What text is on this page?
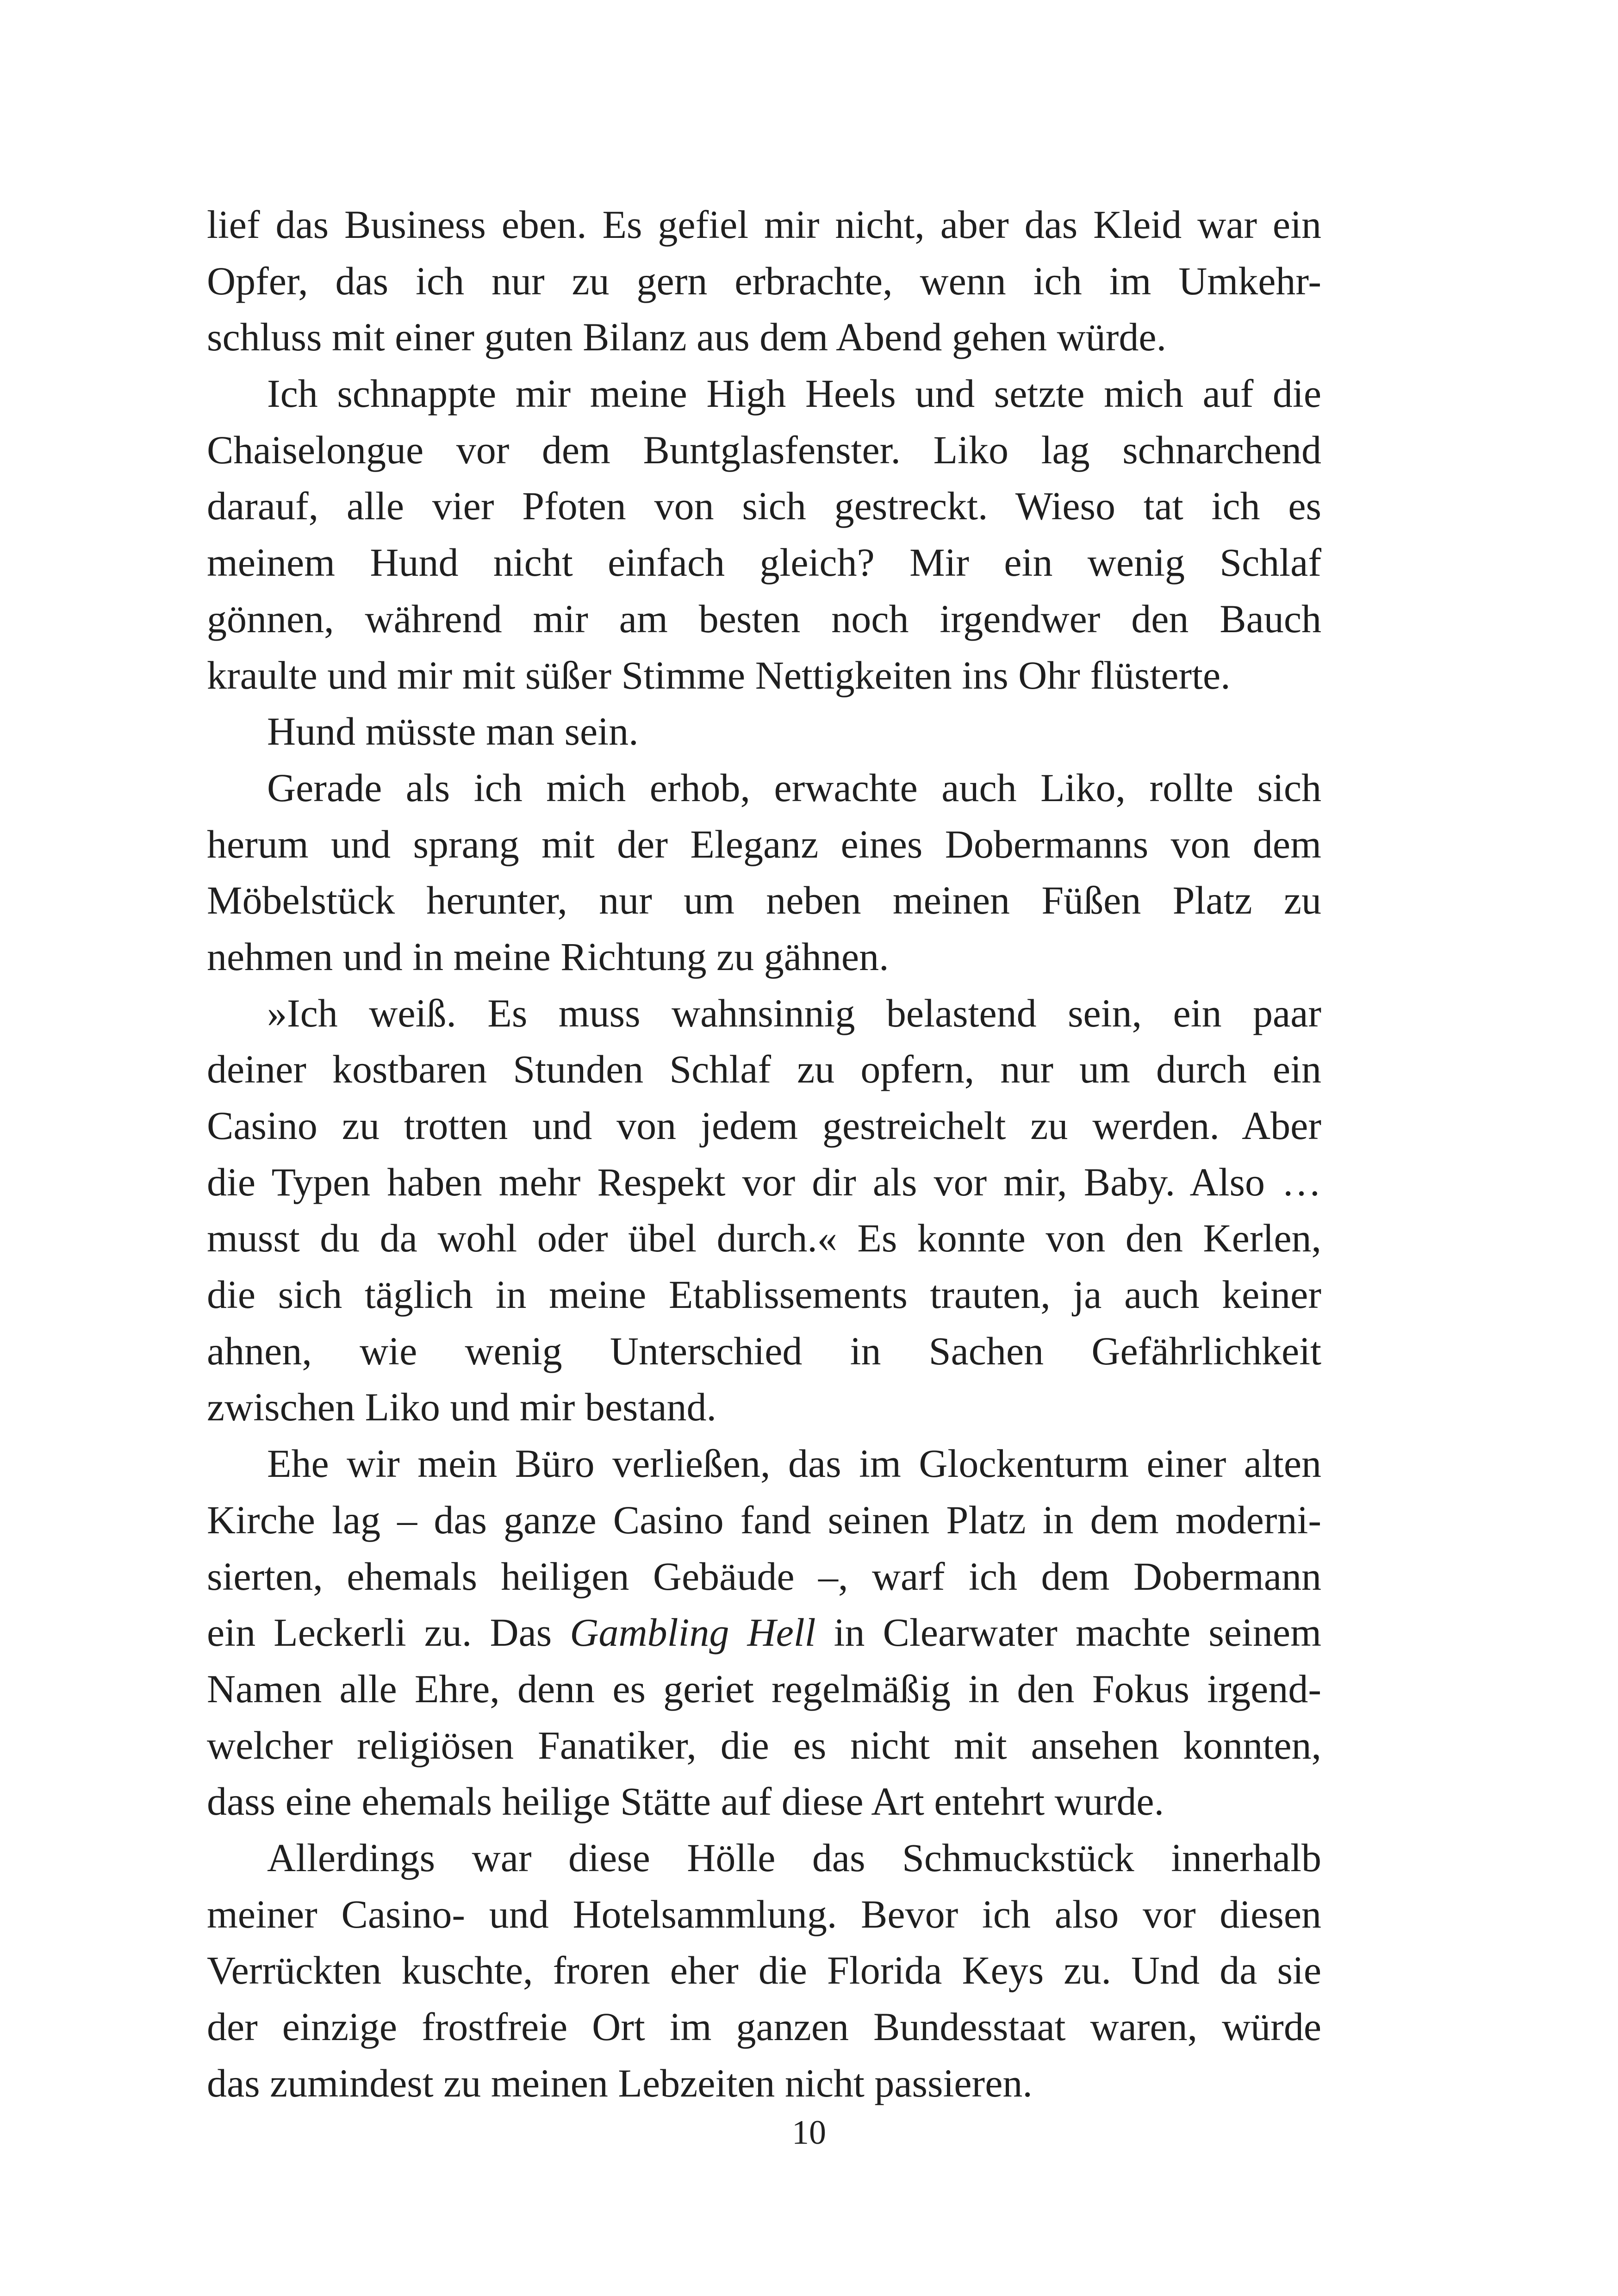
lief das Business eben. Es gefiel mir nicht, aber das Kleid war ein
Opfer, das ich nur zu gern erbrachte, wenn ich im Umkehr-
schluss mit einer guten Bilanz aus dem Abend gehen würde.
Ich schnappte mir meine High Heels und setzte mich auf die
Chaiselongue vor dem Buntglasfenster. Liko lag schnarchend
darauf, alle vier Pfoten von sich gestreckt. Wieso tat ich es
meinem Hund nicht einfach gleich? Mir ein wenig Schlaf
gönnen, während mir am besten noch irgendwer den Bauch
kraulte und mir mit süßer Stimme Nettigkeiten ins Ohr flüsterte.
Hund müsste man sein.
Gerade als ich mich erhob, erwachte auch Liko, rollte sich
herum und sprang mit der Eleganz eines Dobermanns von dem
Möbelstück herunter, nur um neben meinen Füßen Platz zu
nehmen und in meine Richtung zu gähnen.
»Ich weiß. Es muss wahnsinnig belastend sein, ein paar
deiner kostbaren Stunden Schlaf zu opfern, nur um durch ein
Casino zu trotten und von jedem gestreichelt zu werden. Aber
die Typen haben mehr Respekt vor dir als vor mir, Baby. Also …
musst du da wohl oder übel durch.« Es konnte von den Kerlen,
die sich täglich in meine Etablissements trauten, ja auch keiner
ahnen, wie wenig Unterschied in Sachen Gefährlichkeit
zwischen Liko und mir bestand.
Ehe wir mein Büro verließen, das im Glockenturm einer alten
Kirche lag – das ganze Casino fand seinen Platz in dem moderni-
sierten, ehemals heiligen Gebäude –, warf ich dem Dobermann
ein Leckerli zu. Das Gambling Hell in Clearwater machte seinem
Namen alle Ehre, denn es geriet regelmäßig in den Fokus irgend-
welcher religiösen Fanatiker, die es nicht mit ansehen konnten,
dass eine ehemals heilige Stätte auf diese Art entehrt wurde.
Allerdings war diese Hölle das Schmuckstück innerhalb
meiner Casino- und Hotelsammlung. Bevor ich also vor diesen
Verrückten kuschte, froren eher die Florida Keys zu. Und da sie
der einzige frostfreie Ort im ganzen Bundesstaat waren, würde
das zumindest zu meinen Lebzeiten nicht passieren.
10
